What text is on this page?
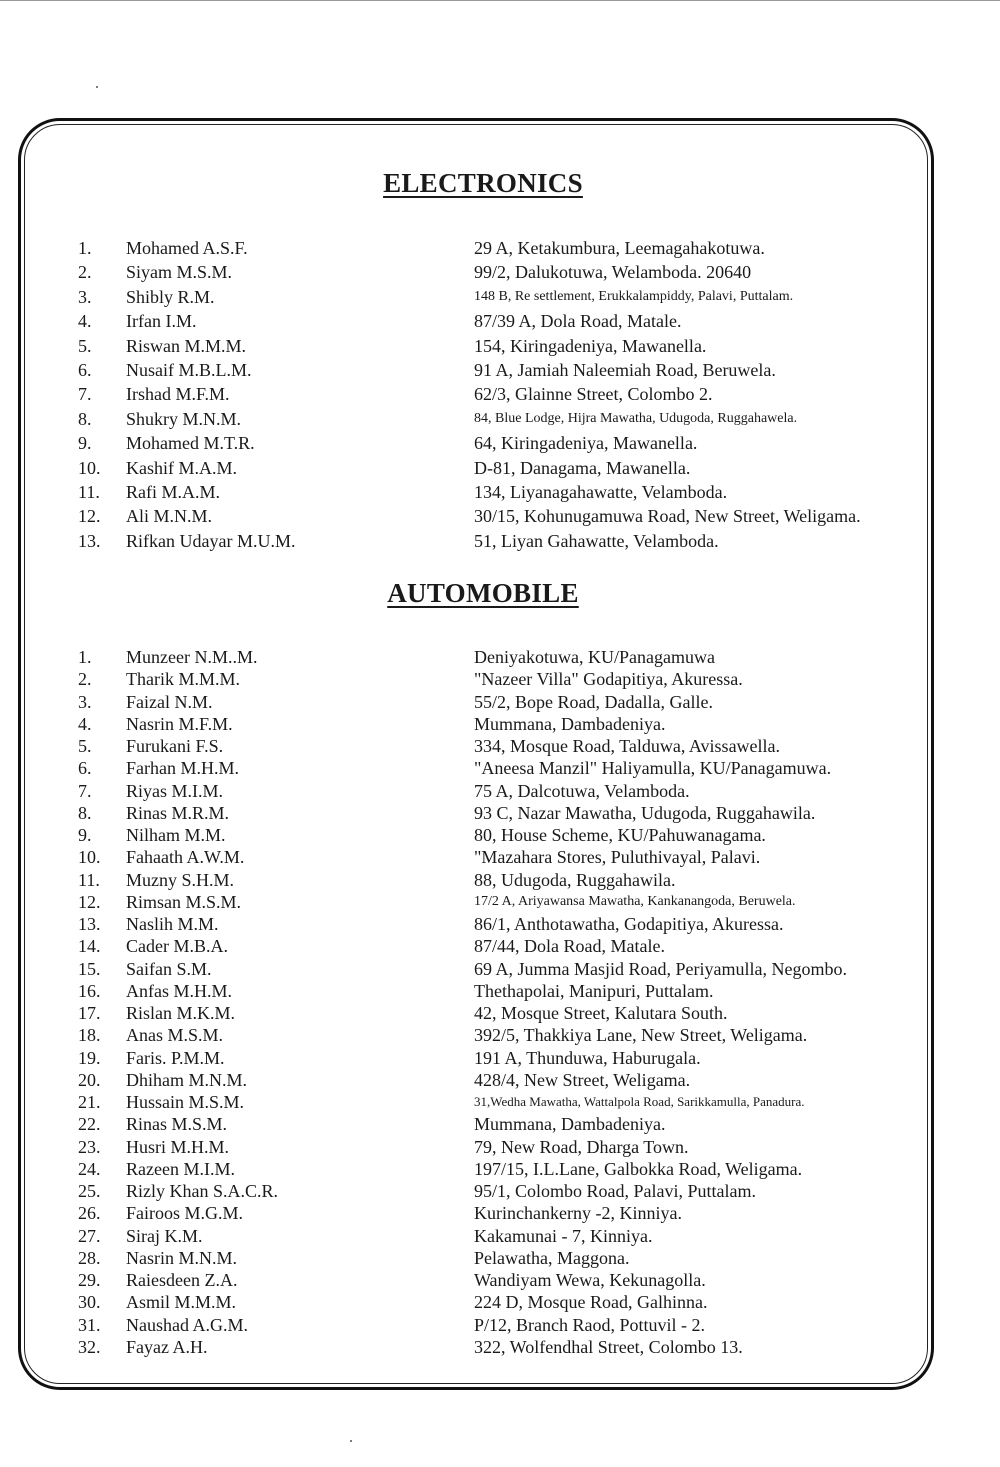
ELECTRONICS
1. Mohamed A.S.F.	29 A, Ketakumbura, Leemagahakotuwa.
2. Siyam M.S.M.	99/2, Dalukotuwa, Welamboda. 20640
3. Shibly R.M.	148 B, Re settlement, Erukkalampiddy, Palavi, Puttalam.
4. Irfan I.M.	87/39 A, Dola Road, Matale.
5. Riswan M.M.M.	154, Kiringadeniya, Mawanella.
6. Nusaif M.B.L.M.	91 A, Jamiah Naleemiah Road, Beruwela.
7. Irshad M.F.M.	62/3, Glainne Street, Colombo 2.
8. Shukry M.N.M.	84, Blue Lodge, Hijra Mawatha, Udugoda, Ruggahawela.
9. Mohamed M.T.R.	64, Kiringadeniya, Mawanella.
10. Kashif M.A.M.	D-81, Danagama, Mawanella.
11. Rafi M.A.M.	134, Liyanagahawatte, Velamboda.
12. Ali M.N.M.	30/15, Kohunugamuwa Road, New Street, Weligama.
13. Rifkan Udayar M.U.M.	51, Liyan Gahawatte, Velamboda.
AUTOMOBILE
1. Munzeer N.M..M.	Deniyakotuwa, KU/Panagamuwa
2. Tharik M.M.M.	"Nazeer Villa" Godapitiya, Akuressa.
3. Faizal N.M.	55/2, Bope Road, Dadalla, Galle.
4. Nasrin M.F.M.	Mummana, Dambadeniya.
5. Furukani F.S.	334, Mosque Road, Talduwa, Avissawella.
6. Farhan M.H.M.	"Aneesa Manzil" Haliyamulla, KU/Panagamuwa.
7. Riyas M.I.M.	75 A, Dalcotuwa, Velamboda.
8. Rinas M.R.M.	93 C, Nazar Mawatha, Udugoda, Ruggahawila.
9. Nilham M.M.	80, House Scheme, KU/Pahuwanagama.
10. Fahaath A.W.M.	"Mazahara Stores, Puluthivayal, Palavi.
11. Muzny S.H.M.	88, Udugoda, Ruggahawila.
12. Rimsan M.S.M.	17/2 A, Ariyawansa Mawatha, Kankanangoda, Beruwela.
13. Naslih M.M.	86/1, Anthotawatha, Godapitiya, Akuressa.
14. Cader M.B.A.	87/44, Dola Road, Matale.
15. Saifan S.M.	69 A, Jumma Masjid Road, Periyamulla, Negombo.
16. Anfas M.H.M.	Thethapolai, Manipuri, Puttalam.
17. Rislan M.K.M.	42, Mosque Street, Kalutara South.
18. Anas M.S.M.	392/5, Thakkiya Lane, New Street, Weligama.
19. Faris. P.M.M.	191 A, Thunduwa, Haburugala.
20. Dhiham M.N.M.	428/4, New Street, Weligama.
21. Hussain M.S.M.	31,Wedha Mawatha, Wattalpola Road, Sarikkamulla, Panadura.
22. Rinas M.S.M.	Mummana, Dambadeniya.
23. Husri M.H.M.	79, New Road, Dharga Town.
24. Razeen M.I.M.	197/15, I.L.Lane, Galbokka Road, Weligama.
25. Rizly Khan S.A.C.R.	95/1, Colombo Road, Palavi, Puttalam.
26. Fairoos M.G.M.	Kurinchankerny -2, Kinniya.
27. Siraj K.M.	Kakamunai - 7, Kinniya.
28. Nasrin M.N.M.	Pelawatha, Maggona.
29. Raiesdeen Z.A.	Wandiyam Wewa, Kekunagolla.
30. Asmil M.M.M.	224 D, Mosque Road, Galhinna.
31. Naushad A.G.M.	P/12, Branch Raod, Pottuvil - 2.
32. Fayaz A.H.	322, Wolfendhal Street, Colombo 13.
